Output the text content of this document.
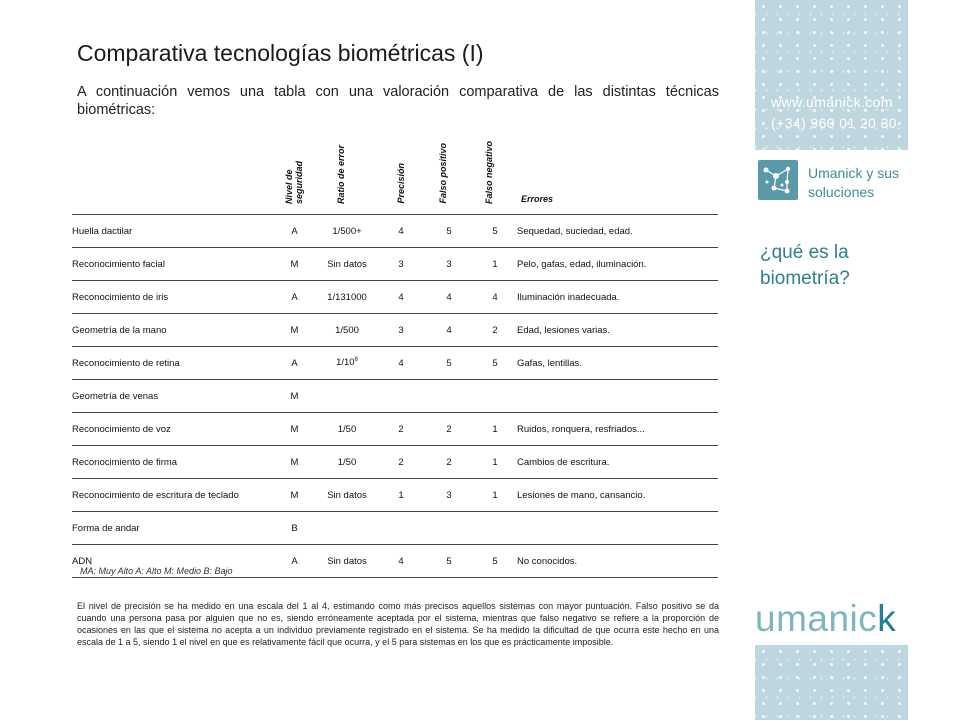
Comparativa tecnologías biométricas (I)
A continuación vemos una tabla con una valoración comparativa de las distintas técnicas biométricas:

	Nivel de seguridad	Ratio de error	Precisión	Falso positivo	Falso negativo	Errores
Huella dactilar	A	1/500+	4	5	5	Sequedad, suciedad, edad.
Reconocimiento facial	M	Sin datos	3	3	1	Pelo, gafas, edad, iluminación.
Reconocimiento de iris	A	1/131000	4	4	4	Iluminación inadecuada.
Geometría de la mano	M	1/500	3	4	2	Edad, lesiones varias.
Reconocimiento de retina	A	$1/10^6$	4	5	5	Gafas, lentillas.
Geometría de venas	M					
Reconocimiento de voz	M	1/50	2	2	1	Ruidos, ronquera, resfriados...
Reconocimiento de firma	M	1/50	2	2	1	Cambios de escritura.
Reconocimiento de escritura de teclado	M	Sin datos	1	3	1	Lesiones de mano, cansancio.
Forma de andar	B					
ADN	A	Sin datos	4	5	5	No conocidos.
MA: Muy Alto A: Alto M: Medio B: Bajo
El nivel de precisión se ha medido en una escala del 1 al 4, estimando como más precisos aquellos sistemas con mayor puntuación. Falso positivo se da cuando una persona pasa por alguien que no es, siendo erróneamente aceptada por el sistema, mientras que falso negativo se refiere a la proporción de ocasiones en las que el sistema no acepta a un individuo previamente registrado en el sistema. Se ha medido la dificultad de que ocurra este hecho en una escala de 1 a 5, siendo 1 el nivel en que es relativamente fácil que ocurra, y el 5 para sistemas en los que es prácticamente imposible.
www.umanick.com
(+34) 960 01 20 30
Umanick y sus soluciones
¿qué es la biometría?
umanick
